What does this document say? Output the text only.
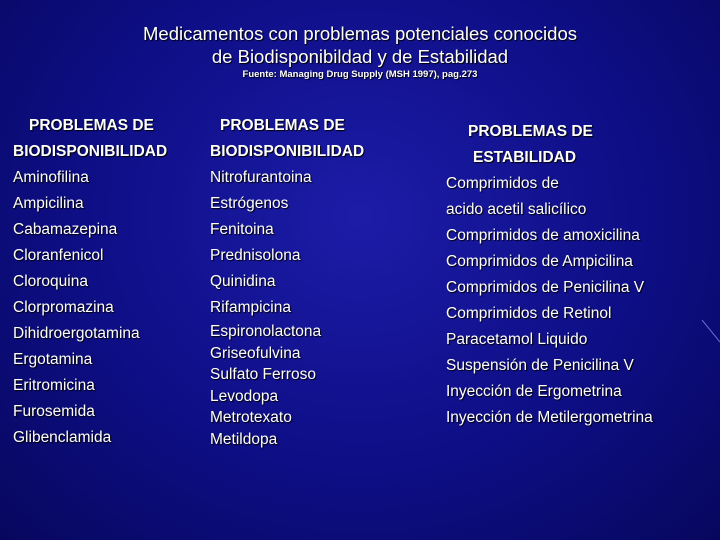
Medicamentos con problemas potenciales conocidos
de Biodisponibildad y de Estabilidad
Fuente: Managing Drug Supply (MSH 1997), pag.273
PROBLEMAS DE
BIODISPONIBILIDAD
Aminofilina
Ampicilina
Cabamazepina
Cloranfenicol
Cloroquina
Clorpromazina
Dihidroergotamina
Ergotamina
Eritromicina
Furosemida
Glibenclamida
PROBLEMAS DE
BIODISPONIBILIDAD
Nitrofurantoina
Estrógenos
Fenitoina
Prednisolona
Quinidina
Rifampicina
Espironolactona
Griseofulvina
Sulfato Ferroso
Levodopa
Metrotexato
Metildopa
PROBLEMAS DE
ESTABILIDAD
Comprimidos de
acido acetil salicílico
Comprimidos de amoxicilina
Comprimidos de Ampicilina
Comprimidos de Penicilina V
Comprimidos de Retinol
Paracetamol Liquido
Suspensión de Penicilina V
Inyección de Ergometrina
Inyección de Metilergometrina
